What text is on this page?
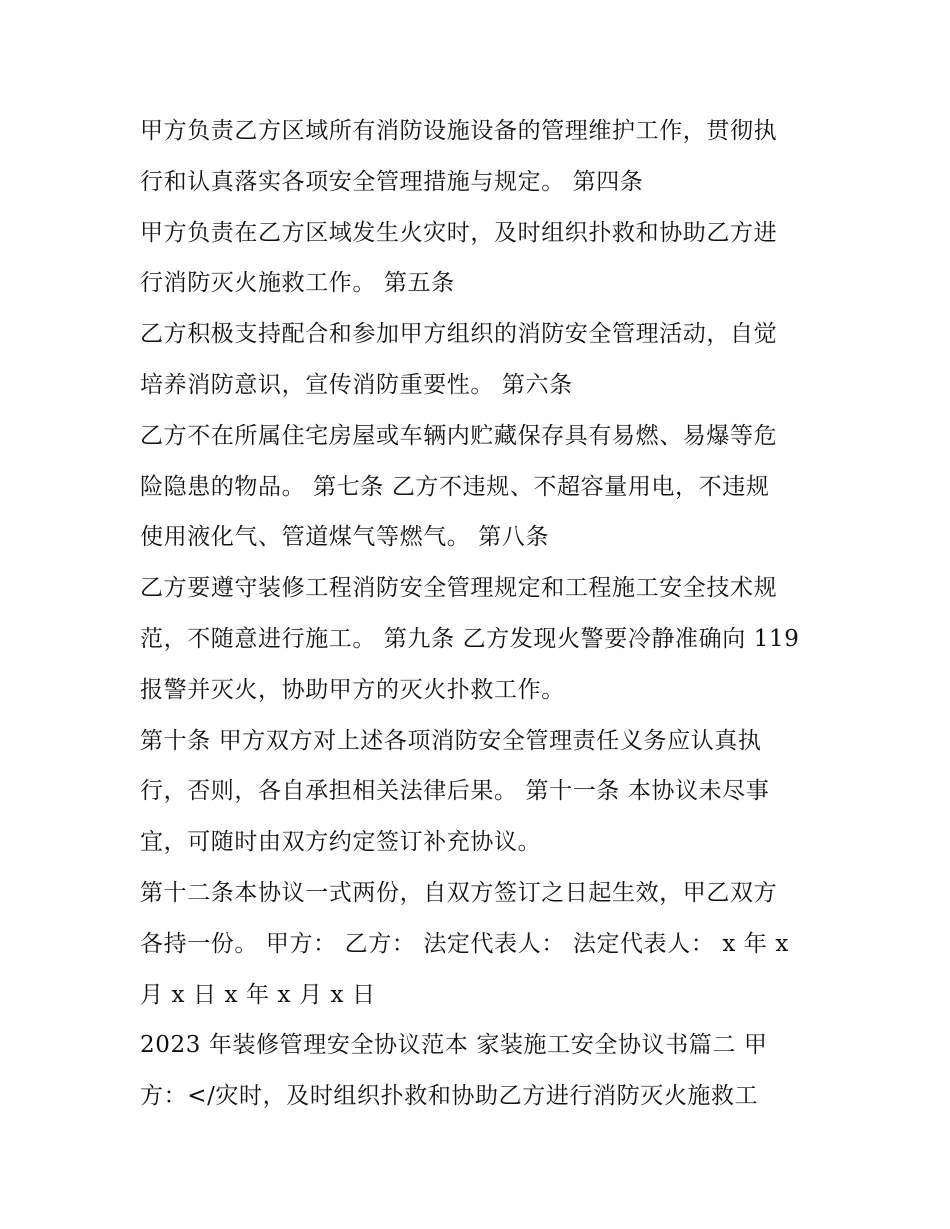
甲方负责乙方区域所有消防设施设备的管理维护工作，贯彻执
行和认真落实各项安全管理措施与规定。 第四条
甲方负责在乙方区域发生火灾时，及时组织扑救和协助乙方进
行消防灭火施救工作。 第五条
乙方积极支持配合和参加甲方组织的消防安全管理活动，自觉
培养消防意识，宣传消防重要性。 第六条
乙方不在所属住宅房屋或车辆内贮藏保存具有易燃、易爆等危
险隐患的物品。 第七条 乙方不违规、不超容量用电，不违规
使用液化气、管道煤气等燃气。 第八条
乙方要遵守装修工程消防安全管理规定和工程施工安全技术规
范，不随意进行施工。 第九条 乙方发现火警要冷静准确向 119
报警并灭火，协助甲方的灭火扑救工作。
第十条 甲方双方对上述各项消防安全管理责任义务应认真执
行，否则，各自承担相关法律后果。 第十一条 本协议未尽事
宜，可随时由双方约定签订补充协议。
第十二条本协议一式两份，自双方签订之日起生效，甲乙双方
各持一份。 甲方： 乙方： 法定代表人： 法定代表人： x 年 x
月 x 日 x 年 x 月 x 日
2023 年装修管理安全协议范本 家装施工安全协议书篇二 甲
方：</灾时，及时组织扑救和协助乙方进行消防灭火施救工
